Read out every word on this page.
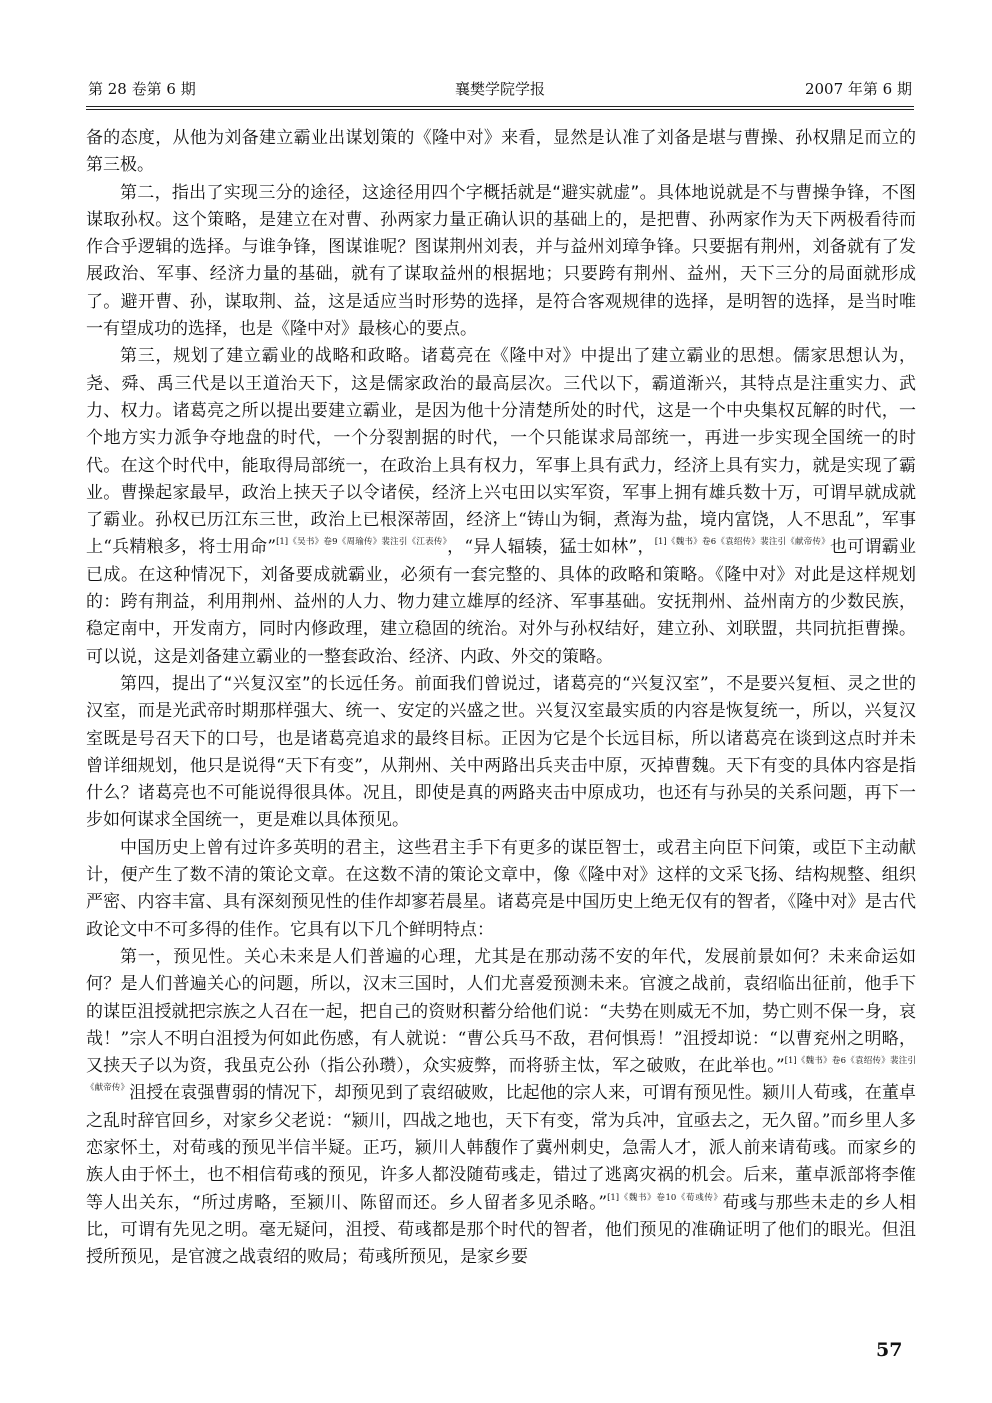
第 28 卷第 6 期	襄樊学院学报	2007 年第 6 期

备的态度，从他为刘备建立霸业出谋划策的《隆中对》来看，显然是认准了刘备是堪与曹操、孙权鼎足而立的第三极。

第二，指出了实现三分的途径，这途径用四个字概括就是“避实就虚”。具体地说就是不与曹操争锋，不图谋取孙权。这个策略，是建立在对曹、孙两家力量正确认识的基础上的，是把曹、孙两家作为天下两极看待而作合乎逻辑的选择。与谁争锋，图谋谁呢？图谋荆州刘表，并与益州刘璋争锋。只要据有荆州，刘备就有了发展政治、军事、经济力量的基础，就有了谋取益州的根据地；只要跨有荆州、益州，天下三分的局面就形成了。避开曹、孙，谋取荆、益，这是适应当时形势的选择，是符合客观规律的选择，是明智的选择，是当时唯一有望成功的选择，也是《隆中对》最核心的要点。

第三，规划了建立霸业的战略和政略。诸葛亮在《隆中对》中提出了建立霸业的思想。儒家思想认为，尧、舜、禹三代是以王道治天下，这是儒家政治的最高层次。三代以下，霸道渐兴，其特点是注重实力、武力、权力。诸葛亮之所以提出要建立霸业，是因为他十分清楚所处的时代，这是一个中央集权瓦解的时代，一个地方实力派争夺地盘的时代，一个分裂割据的时代，一个只能谋求局部统一，再进一步实现全国统一的时代。在这个时代中，能取得局部统一，在政治上具有权力，军事上具有武力，经济上具有实力，就是实现了霸业。曹操起家最早，政治上挟天子以令诸侯，经济上兴屯田以实军资，军事上拥有雄兵数十万，可谓早就成就了霸业。孙权已历江东三世，政治上已根深蒂固，经济上“铸山为铜，煮海为盐，境内富饶，人不思乱”，军事上“兵精粮多，将士用命”$^{[1]《吴书》卷9《周瑜传》裴注引《江表传》}$，“异人辐辏，猛士如林”，$^{[1]《魏书》卷6《袁绍传》裴注引《献帝传》}$也可谓霸业已成。在这种情况下，刘备要成就霸业，必须有一套完整的、具体的政略和策略。《隆中对》对此是这样规划的：跨有荆益，利用荆州、益州的人力、物力建立雄厚的经济、军事基础。安抚荆州、益州南方的少数民族，稳定南中，开发南方，同时内修政理，建立稳固的统治。对外与孙权结好，建立孙、刘联盟，共同抗拒曹操。可以说，这是刘备建立霸业的一整套政治、经济、内政、外交的策略。

第四，提出了“兴复汉室”的长远任务。前面我们曾说过，诸葛亮的“兴复汉室”，不是要兴复桓、灵之世的汉室，而是光武帝时期那样强大、统一、安定的兴盛之世。兴复汉室最实质的内容是恢复统一，所以，兴复汉室既是号召天下的口号，也是诸葛亮追求的最终目标。正因为它是个长远目标，所以诸葛亮在谈到这点时并未曾详细规划，他只是说得“天下有变”，从荆州、关中两路出兵夹击中原，灭掉曹魏。天下有变的具体内容是指什么？诸葛亮也不可能说得很具体。况且，即使是真的两路夹击中原成功，也还有与孙吴的关系问题，再下一步如何谋求全国统一，更是难以具体预见。

中国历史上曾有过许多英明的君主，这些君主手下有更多的谋臣智士，或君主向臣下问策，或臣下主动献计，便产生了数不清的策论文章。在这数不清的策论文章中，像《隆中对》这样的文采飞扬、结构规整、组织严密、内容丰富、具有深刻预见性的佳作却寥若晨星。诸葛亮是中国历史上绝无仅有的智者，《隆中对》是古代政论文中不可多得的佳作。它具有以下几个鲜明特点：

第一，预见性。关心未来是人们普遍的心理，尤其是在那动荡不安的年代，发展前景如何？未来命运如何？是人们普遍关心的问题，所以，汉末三国时，人们尤喜爱预测未来。官渡之战前，袁绍临出征前，他手下的谋臣沮授就把宗族之人召在一起，把自己的资财积蓄分给他们说：“夫势在则威无不加，势亡则不保一身，哀哉！”宗人不明白沮授为何如此伤感，有人就说：“曹公兵马不敌，君何惧焉！”沮授却说：“以曹兖州之明略，又挟天子以为资，我虽克公孙（指公孙瓒），众实疲弊，而将骄主忲，军之破败，在此举也。”$^{[1]《魏书》卷6《袁绍传》裴注引《献帝传》}$沮授在袁强曹弱的情况下，却预见到了袁绍破败，比起他的宗人来，可谓有预见性。颍川人荀彧，在董卓之乱时辞官回乡，对家乡父老说：“颍川，四战之地也，天下有变，常为兵冲，宜亟去之，无久留。”而乡里人多恋家怀土，对荀彧的预见半信半疑。正巧，颍川人韩馥作了冀州刺史，急需人才，派人前来请荀彧。而家乡的族人由于怀土，也不相信荀彧的预见，许多人都没随荀彧走，错过了逃离灾祸的机会。后来，董卓派部将李傕等人出关东，“所过虏略，至颍川、陈留而还。乡人留者多见杀略。”$^{[1]《魏书》卷10《荀彧传》}$荀彧与那些未走的乡人相比，可谓有先见之明。毫无疑问，沮授、荀彧都是那个时代的智者，他们预见的准确证明了他们的眼光。但沮授所预见，是官渡之战袁绍的败局；荀彧所预见，是家乡要

57
